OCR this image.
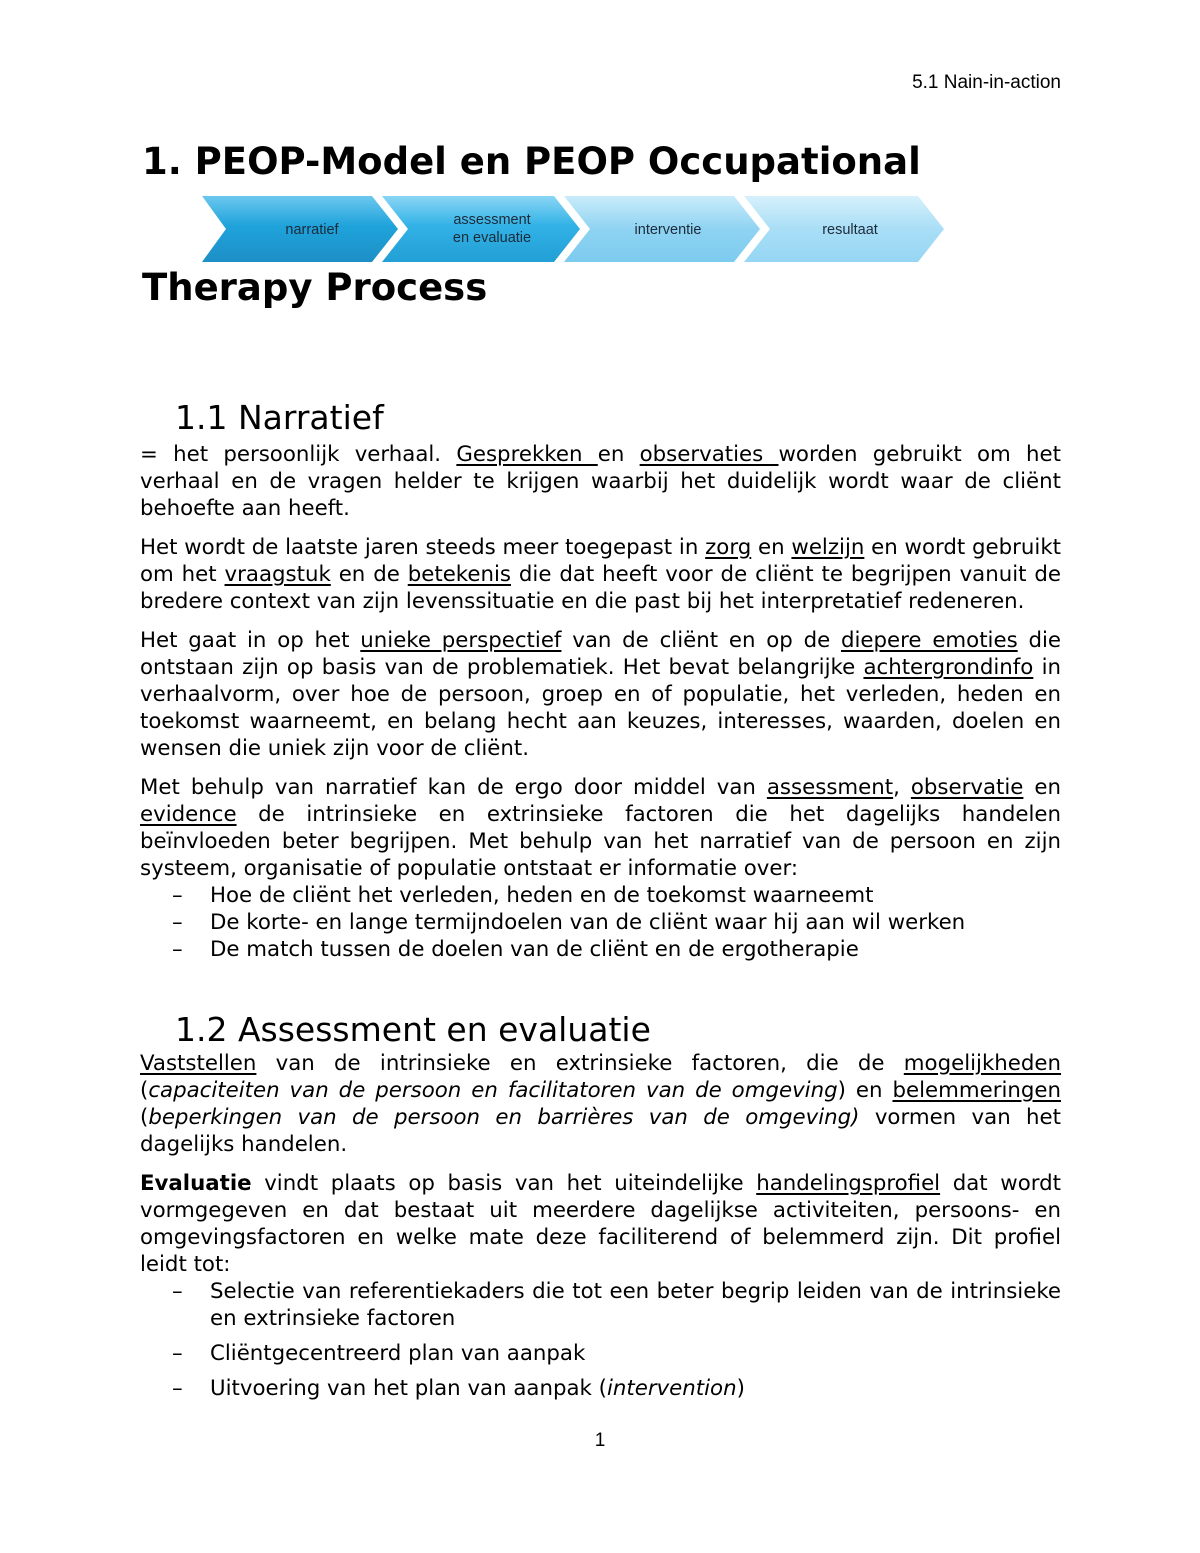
5.1 Nain-in-action
1. PEOP-Model en PEOP Occupational
narratief
assessment
en evaluatie	interventie	resultaat
Therapy Process
1.1 Narratief

= het persoonlijk verhaal. Gesprekken en observaties worden gebruikt om het verhaal en de vragen helder te krijgen waarbij het duidelijk wordt waar de cliënt behoefte aan heeft.

Het wordt de laatste jaren steeds meer toegepast in zorg en welzijn en wordt gebruikt om het vraagstuk en de betekenis die dat heeft voor de cliënt te begrijpen vanuit de bredere context van zijn levenssituatie en die past bij het interpretatief redeneren.

Het gaat in op het unieke perspectief van de cliënt en op de diepere emoties die ontstaan zijn op basis van de problematiek. Het bevat belangrijke achtergrondinfo in verhaalvorm, over hoe de persoon, groep en of populatie, het verleden, heden en toekomst waarneemt, en belang hecht aan keuzes, interesses, waarden, doelen en wensen die uniek zijn voor de cliënt.

Met behulp van narratief kan de ergo door middel van assessment, observatie en evidence de intrinsieke en extrinsieke factoren die het dagelijks handelen beïnvloeden beter begrijpen. Met behulp van het narratief van de persoon en zijn systeem, organisatie of populatie ontstaat er informatie over:

– Hoe de cliënt het verleden, heden en de toekomst waarneemt
– De korte- en lange termijndoelen van de cliënt waar hij aan wil werken
– De match tussen de doelen van de cliënt en de ergotherapie
1.2 Assessment en evaluatie

Vaststellen van de intrinsieke en extrinsieke factoren, die de mogelijkheden (capaciteiten van de persoon en facilitatoren van de omgeving) en belemmeringen (beperkingen van de persoon en barrières van de omgeving) vormen van het dagelijks handelen.

Evaluatie vindt plaats op basis van het uiteindelijke handelingsprofiel dat wordt vormgegeven en dat bestaat uit meerdere dagelijkse activiteiten, persoons- en omgevingsfactoren en welke mate deze faciliterend of belemmerd zijn. Dit profiel leidt tot:

– Selectie van referentiekaders die tot een beter begrip leiden van de intrinsieke en extrinsieke factoren
– Cliëntgecentreerd plan van aanpak
– Uitvoering van het plan van aanpak (intervention)
1
